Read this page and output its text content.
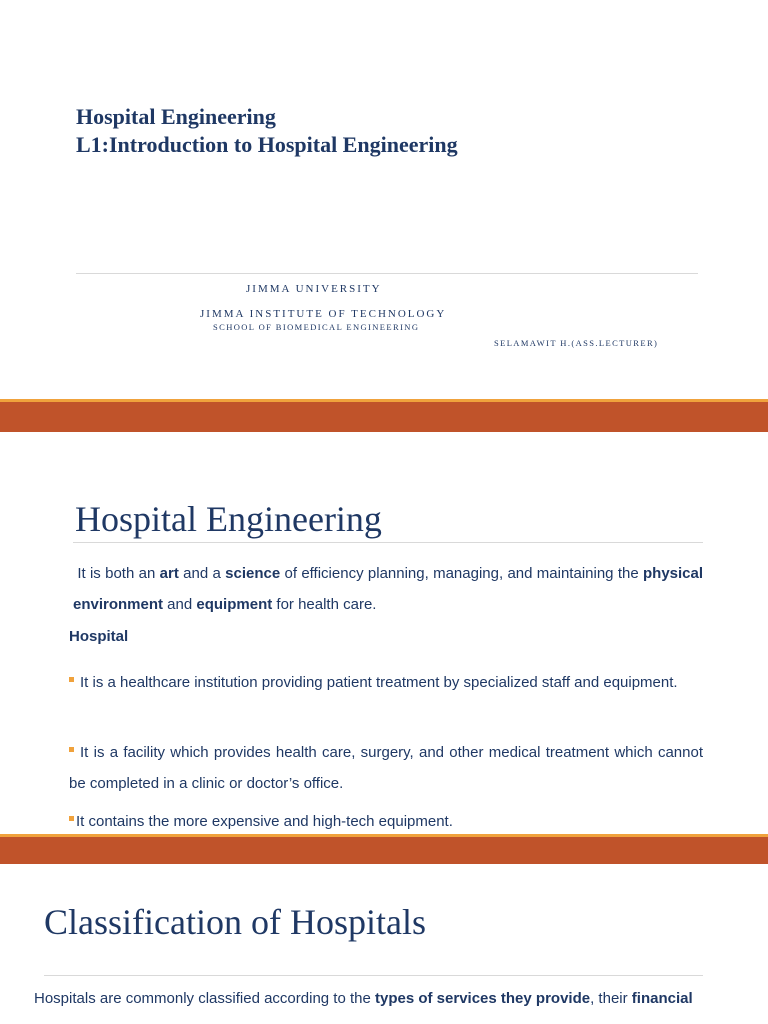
Hospital Engineering
L1:Introduction to Hospital Engineering
JIMMA UNIVERSITY
JIMMA INSTITUTE OF TECHNOLOGY
SCHOOL OF BIOMEDICAL ENGINEERING
SELAMAWIT H.(ASS.LECTURER)
Hospital Engineering
It is both an art and a science of efficiency planning, managing, and maintaining the physical environment and equipment for health care.
Hospital
It is a healthcare institution providing patient treatment by specialized staff and equipment.
It is a facility which provides health care, surgery, and other medical treatment which cannot be completed in a clinic or doctor’s office.
It contains the more expensive and high-tech equipment.
Classification of Hospitals
Hospitals are commonly classified according to the types of services they provide, their financial
